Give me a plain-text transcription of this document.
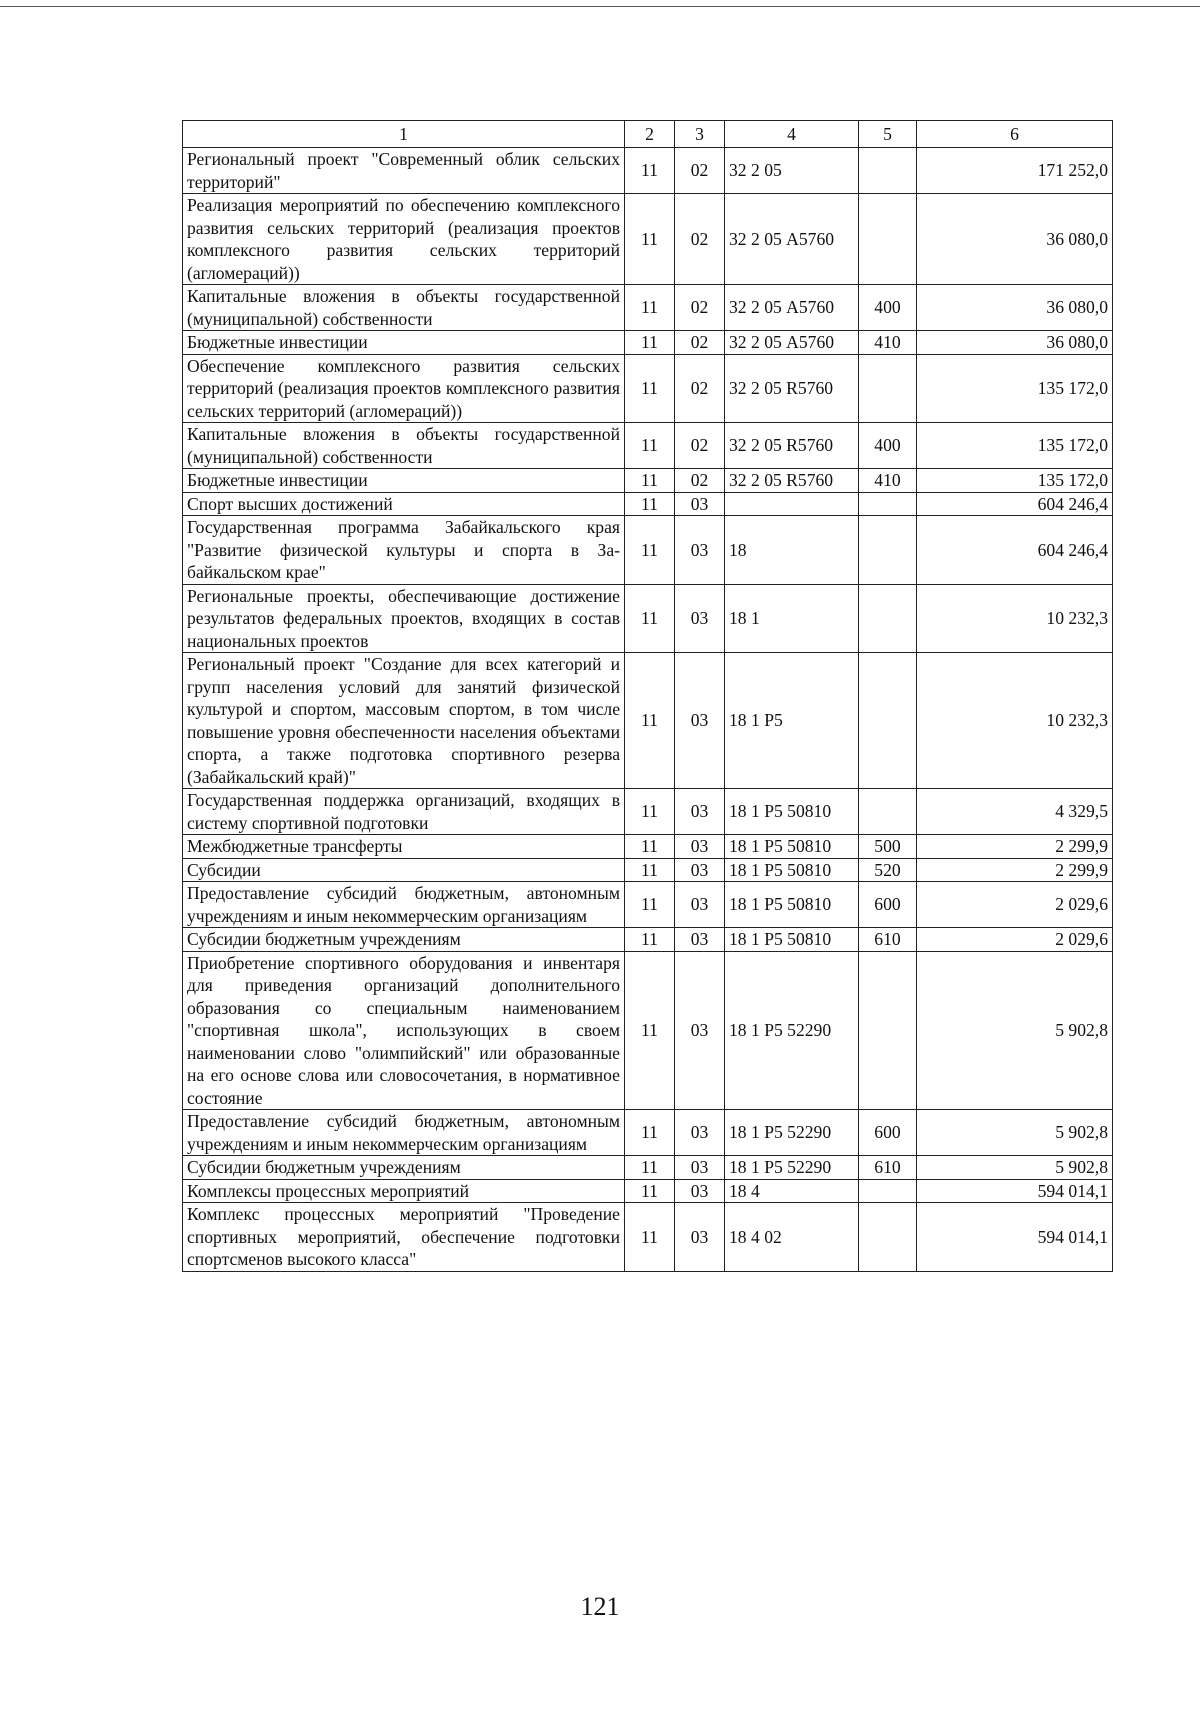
1	2	3	4	5	6
Региональный проект "Современный облик сельских территорий"	11	02	32 2 05		171 252,0
Реализация мероприятий по обеспечению комплексного развития сельских территорий (реализация проектов комплексного развития сельских территорий (агломераций))	11	02	32 2 05 А5760		36 080,0
Капитальные вложения в объекты государственной (муниципальной) собственности	11	02	32 2 05 А5760	400	36 080,0
Бюджетные инвестиции	11	02	32 2 05 А5760	410	36 080,0
Обеспечение комплексного развития сельских территорий (реализация проектов комплексного развития сельских территорий (агломераций))	11	02	32 2 05 R5760		135 172,0
Капитальные вложения в объекты государственной (муниципальной) собственности	11	02	32 2 05 R5760	400	135 172,0
Бюджетные инвестиции	11	02	32 2 05 R5760	410	135 172,0
Спорт высших достижений	11	03			604 246,4
Государственная программа Забайкальского края "Развитие физической культуры и спорта в Забайкальском крае"	11	03	18		604 246,4
Региональные проекты, обеспечивающие достижение результатов федеральных проектов, входящих в состав национальных проектов	11	03	18 1		10 232,3
Региональный проект "Создание для всех категорий и групп населения условий для занятий физической культурой и спортом, массовым спортом, в том числе повышение уровня обеспеченности населения объектами спорта, а также подготовка спортивного резерва (Забайкальский край)"	11	03	18 1 Р5		10 232,3
Государственная поддержка организаций, входящих в систему спортивной подготовки	11	03	18 1 Р5 50810		4 329,5
Межбюджетные трансферты	11	03	18 1 Р5 50810	500	2 299,9
Субсидии	11	03	18 1 Р5 50810	520	2 299,9
Предоставление субсидий бюджетным, автономным учреждениям и иным некоммерческим организациям	11	03	18 1 Р5 50810	600	2 029,6
Субсидии бюджетным учреждениям	11	03	18 1 Р5 50810	610	2 029,6
Приобретение спортивного оборудования и инвентаря для приведения организаций дополнительного образования со специальным наименованием "спортивная школа", использующих в своем наименовании слово "олимпийский" или образованные на его основе слова или словосочетания, в нормативное состояние	11	03	18 1 Р5 52290		5 902,8
Предоставление субсидий бюджетным, автономным учреждениям и иным некоммерческим организациям	11	03	18 1 Р5 52290	600	5 902,8
Субсидии бюджетным учреждениям	11	03	18 1 Р5 52290	610	5 902,8
Комплексы процессных мероприятий	11	03	18 4		594 014,1
Комплекс процессных мероприятий "Проведение спортивных мероприятий, обеспечение подготовки спортсменов высокого класса"	11	03	18 4 02		594 014,1
121
